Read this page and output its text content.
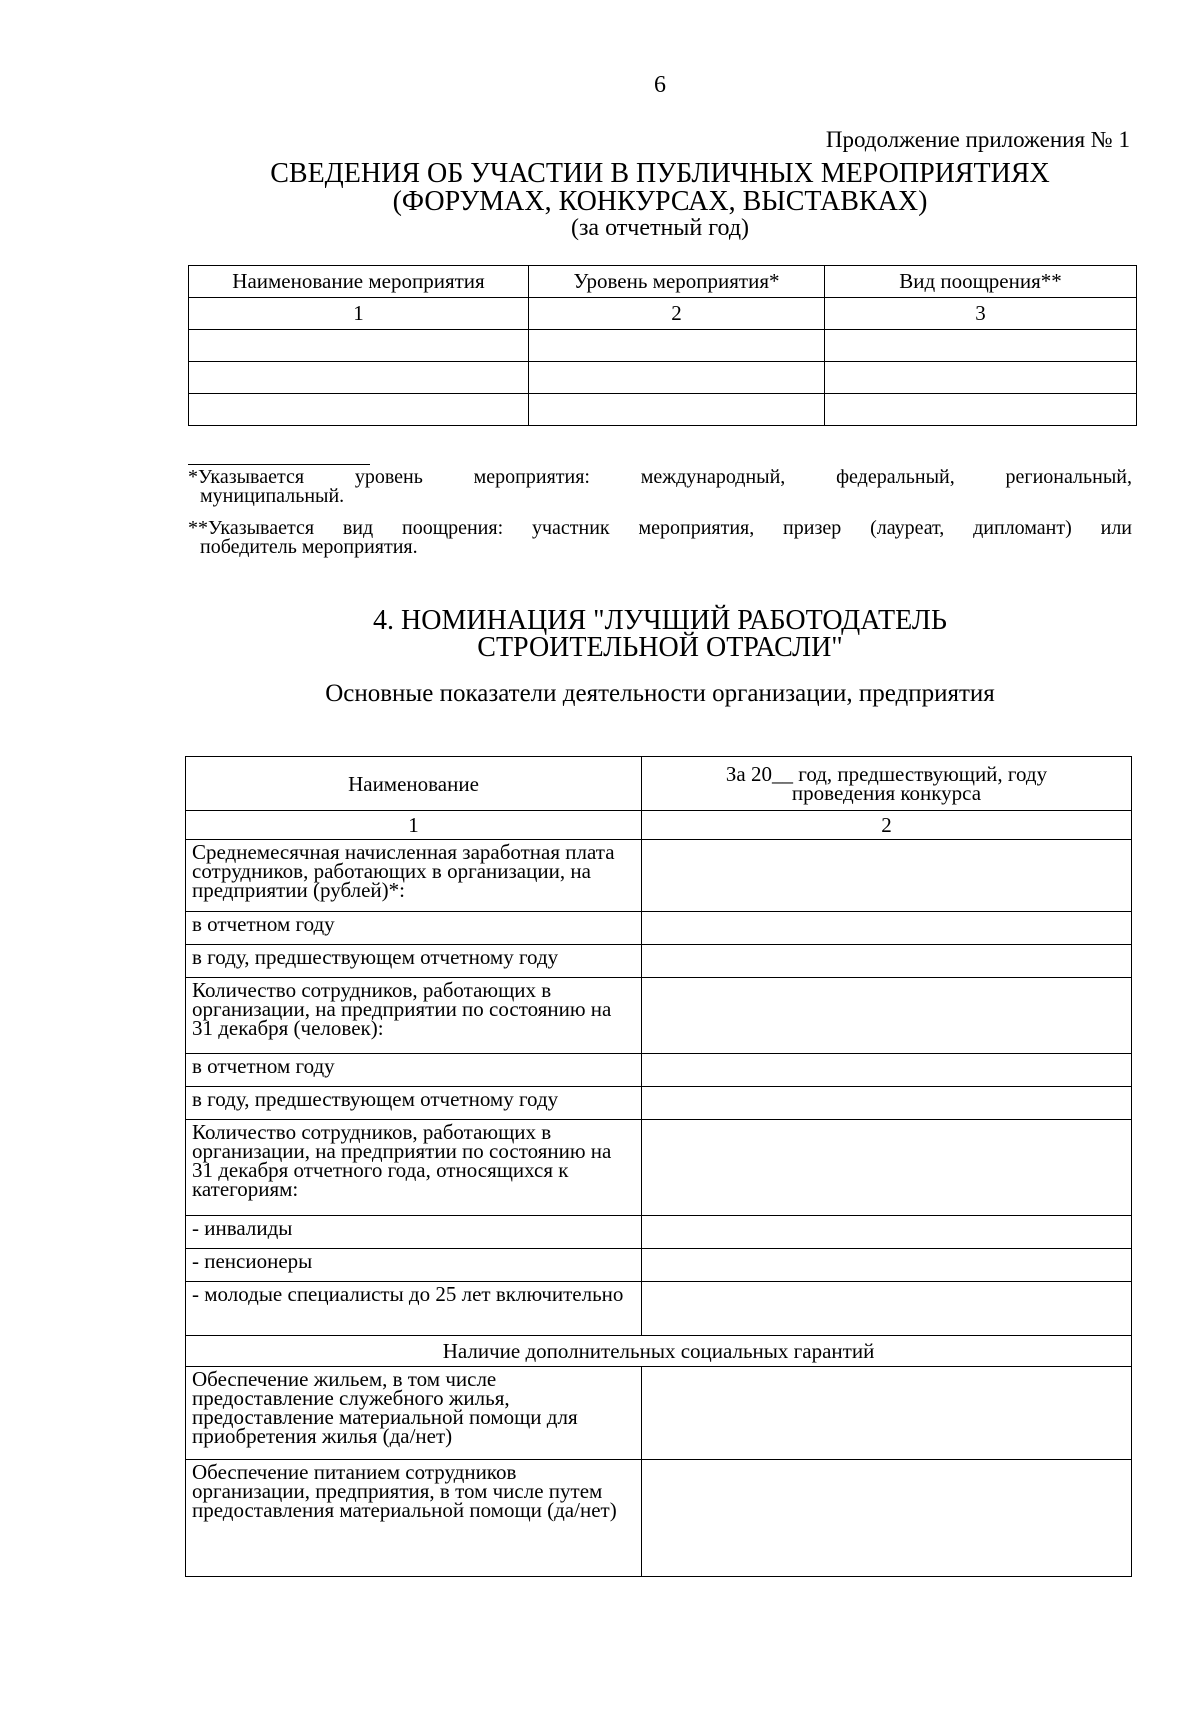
6
Продолжение приложения № 1
СВЕДЕНИЯ ОБ УЧАСТИИ В ПУБЛИЧНЫХ МЕРОПРИЯТИЯХ
(ФОРУМАХ, КОНКУРСАХ, ВЫСТАВКАХ)
(за отчетный год)
Наименование мероприятия	Уровень мероприятия*	Вид поощрения**
1	2	3

*Указывается уровень мероприятия: международный, федеральный, региональный,
муниципальный.
**Указывается вид поощрения: участник мероприятия, призер (лауреат, дипломант) или
победитель мероприятия.
4. НОМИНАЦИЯ "ЛУЧШИЙ РАБОТОДАТЕЛЬ
СТРОИТЕЛЬНОЙ ОТРАСЛИ"
Основные показатели деятельности организации, предприятия
Наименование	За 20__ год, предшествующий, году
проведения конкурса

1	2
Среднемесячная начисленная заработная плата сотрудников, работающих в организации, на предприятии (рублей)*:	
в отчетном году	
в году, предшествующем отчетному году	
Количество сотрудников, работающих в организации, на предприятии по состоянию на 31 декабря (человек):	
в отчетном году	
в году, предшествующем отчетному году	
Количество сотрудников, работающих в организации, на предприятии по состоянию на 31 декабря отчетного года, относящихся к категориям:	
- инвалиды	
- пенсионеры	
- молодые специалисты до 25 лет включительно	
Наличие дополнительных социальных гарантий	
Обеспечение жильем, в том числе предоставление служебного жилья, предоставление материальной помощи для приобретения жилья (да/нет)	
Обеспечение питанием сотрудников организации, предприятия, в том числе путем предоставления материальной помощи (да/нет)	
